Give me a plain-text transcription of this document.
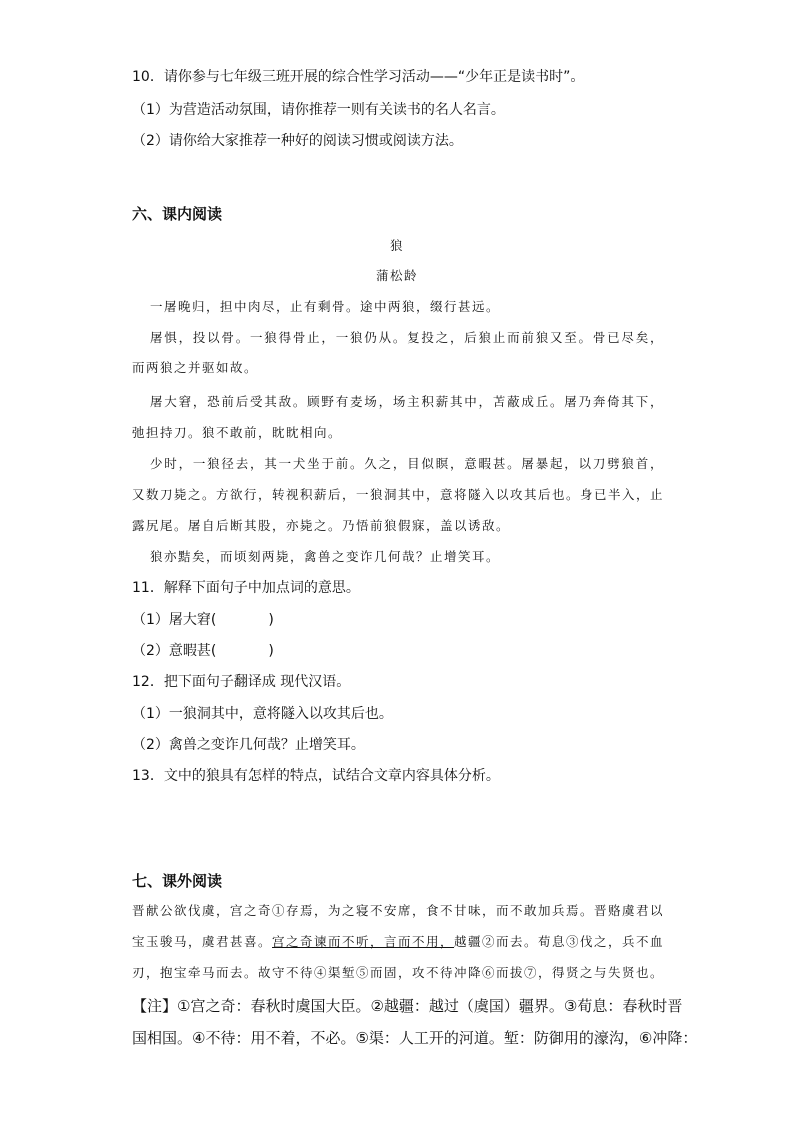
10．请你参与七年级三班开展的综合性学习活动——“少年正是读书时”。
（1）为营造活动氛围，请你推荐一则有关读书的名人名言。
（2）请你给大家推荐一种好的阅读习惯或阅读方法。
六、课内阅读
狼
蒲松龄
一屠晚归，担中肉尽，止有剩骨。途中两狼，缀行甚远。
屠惧，投以骨。一狼得骨止，一狼仍从。复投之，后狼止而前狼又至。骨已尽矣，
而两狼之并驱如故。
屠大窘，恐前后受其敌。顾野有麦场，场主积薪其中，苫蔽成丘。屠乃奔倚其下，
弛担持刀。狼不敢前，眈眈相向。
少时，一狼径去，其一犬坐于前。久之，目似瞑，意暇甚。屠暴起，以刀劈狼首，
又数刀毙之。方欲行，转视积薪后，一狼洞其中，意将隧入以攻其后也。身已半入，止
露尻尾。屠自后断其股，亦毙之。乃悟前狼假寐，盖以诱敌。
狼亦黠矣，而顷刻两毙，禽兽之变诈几何哉？止增笑耳。
11．解释下面句子中加点词的意思。
（1）屠大窘(	)
（2）意暇甚(	)
12．把下面句子翻译成 现代汉语。
（1）一狼洞其中，意将隧入以攻其后也。
（2）禽兽之变诈几何哉？止增笑耳。
13．文中的狼具有怎样的特点，试结合文章内容具体分析。
七、课外阅读
晋献公欲伐虞，宫之奇①存焉，为之寝不安席，食不甘味，而不敢加兵焉。晋赂虞君以
宝玉骏马，虞君甚喜。宫之奇谏而不听，言而不用，越疆②而去。荀息③伐之，兵不血
刃，抱宝牵马而去。故守不待④渠堑⑤而固，攻不待冲降⑥而拔⑦，得贤之与失贤也。
【注】①宫之奇：春秋时虞国大臣。②越疆：越过（虞国）疆界。③荀息：春秋时晋
国相国。④不待：用不着，不必。⑤渠：人工开的河道。堑：防御用的濠沟，⑥冲降：
